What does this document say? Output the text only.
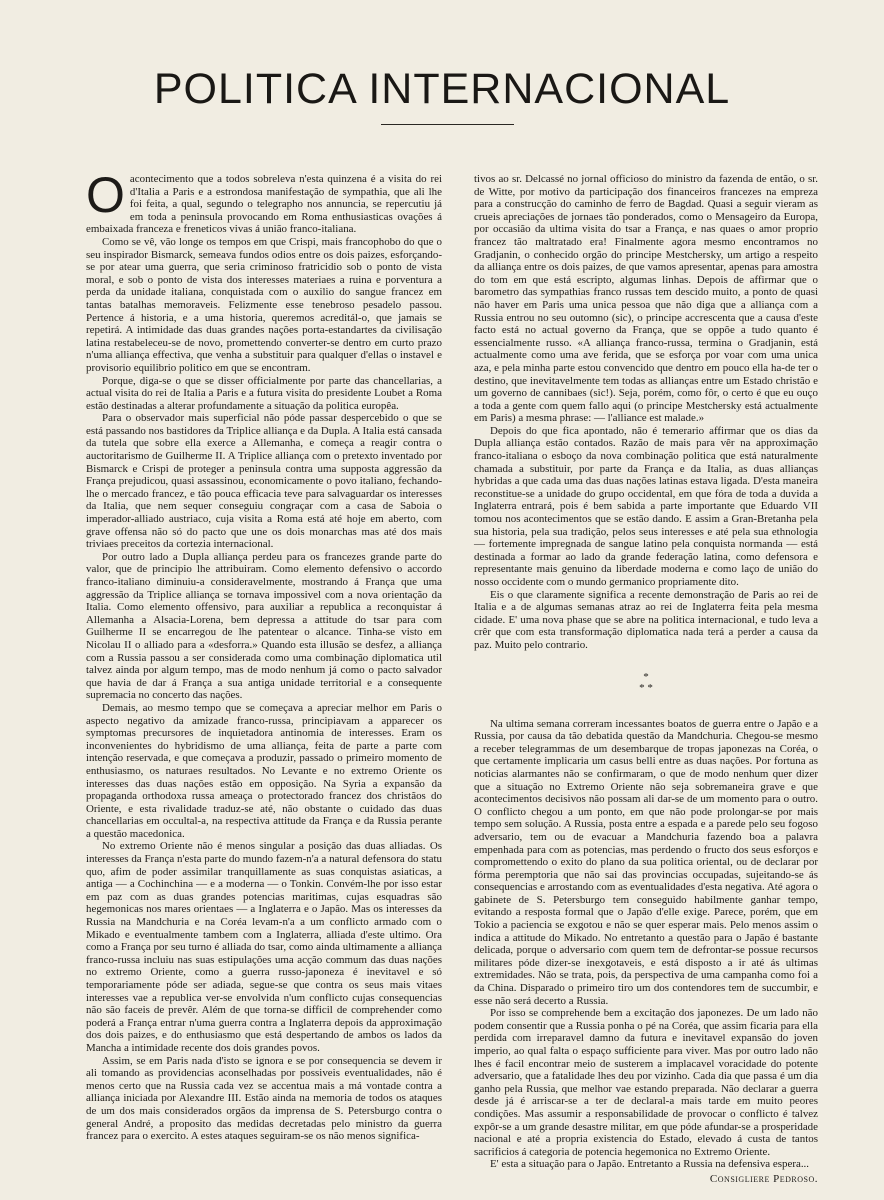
POLITICA INTERNACIONAL

Oacontecimento que a todos sobreleva n'esta quinzena é a visita do rei d'Italia a Paris e a estrondosa manifestação de sympathia, que ali lhe foi feita, a qual, segundo o telegrapho nos annuncia, se repercutiu já em toda a peninsula provocando em Roma enthusiasticas ovações á embaixada franceza e freneticos vivas á união franco-italiana.

Como se vê, vão longe os tempos em que Crispi, mais francophobo do que o seu inspirador Bismarck, semeava fundos odios entre os dois paizes, esforçando-se por atear uma guerra, que seria criminoso fratricidio sob o ponto de vista moral, e sob o ponto de vista dos interesses materiaes a ruina e porventura a perda da unidade italiana, conquistada com o auxilio do sangue francez em tantas batalhas memoraveis. Felizmente esse tenebroso pesadelo passou. Pertence á historia, e a uma historia, queremos acreditál-o, que jamais se repetirá. A intimidade das duas grandes nações porta-estandartes da civilisação latina restabeleceu-se de novo, promettendo converter-se dentro em curto prazo n'uma alliança effectiva, que venha a substituir para qualquer d'ellas o instavel e provisorio equilibrio politico em que se encontram.

Porque, diga-se o que se disser officialmente por parte das chancellarias, a actual visita do rei de Italia a Paris e a futura visita do presidente Loubet a Roma estão destinadas a alterar profundamente a situação da politica europêa.

Para o observador mais superficial não póde passar despercebido o que se está passando nos bastidores da Triplice alliança e da Dupla. A Italia está cansada da tutela que sobre ella exerce a Allemanha, e começa a reagir contra o auctoritarismo de Guilherme II. A Triplice alliança com o pretexto inventado por Bismarck e Crispi de proteger a peninsula contra uma supposta aggressão da França prejudicou, quasi assassinou, economicamente o povo italiano, fechando-lhe o mercado francez, e tão pouca efficacia teve para salvaguardar os interesses da Italia, que nem sequer conseguiu congraçar com a casa de Saboia o imperador-alliado austriaco, cuja visita a Roma está até hoje em aberto, com grave offensa não só do pacto que une os dois monarchas mas até dos mais triviaes preceitos da cortezia internacional.

Por outro lado a Dupla alliança perdeu para os francezes grande parte do valor, que de principio lhe attribuiram. Como elemento defensivo o accordo franco-italiano diminuiu-a consideravelmente, mostrando á França que uma aggressão da Triplice alliança se tornava impossivel com a nova orientação da Italia. Como elemento offensivo, para auxiliar a republica a reconquistar á Allemanha a Alsacia-Lorena, bem depressa a attitude do tsar para com Guilherme II se encarregou de lhe patentear o alcance. Tinha-se visto em Nicolau II o alliado para a «desforra.» Quando esta illusão se desfez, a alliança com a Russia passou a ser considerada como uma combinação diplomatica util talvez ainda por algum tempo, mas de modo nenhum já como o pacto salvador que havia de dar á França a sua antiga unidade territorial e a consequente supremacia no concerto das nações.

Demais, ao mesmo tempo que se começava a apreciar melhor em Paris o aspecto negativo da amizade franco-russa, principiavam a apparecer os symptomas precursores de inquietadora antinomia de interesses. Eram os inconvenientes do hybridismo de uma alliança, feita de parte a parte com intenção reservada, e que começava a produzir, passado o primeiro momento de enthusiasmo, os naturaes resultados. No Levante e no extremo Oriente os interesses das duas nações estão em opposição. Na Syria a expansão da propaganda orthodoxa russa ameaça o protectorado francez dos christãos do Oriente, e esta rivalidade traduz-se até, não obstante o cuidado das duas chancellarias em occultal-a, na respectiva attitude da França e da Russia perante a questão macedonica.

No extremo Oriente não é menos singular a posição das duas alliadas. Os interesses da França n'esta parte do mundo fazem-n'a a natural defensora do statu quo, afim de poder assimilar tranquillamente as suas conquistas asiaticas, a antiga — a Cochinchina — e a moderna — o Tonkin. Convém-lhe por isso estar em paz com as duas grandes potencias maritimas, cujas esquadras são hegemonicas nos mares orientaes — a Inglaterra e o Japão. Mas os interesses da Russia na Mandchuria e na Coréa levam-n'a a um conflicto armado com o Mikado e eventualmente tambem com a Inglaterra, alliada d'este ultimo. Ora como a França por seu turno é alliada do tsar, como ainda ultimamente a alliança franco-russa incluiu nas suas estipulações uma acção commum das duas nações no extremo Oriente, como a guerra russo-japoneza é inevitavel e só temporariamente póde ser adiada, segue-se que contra os seus mais vitaes interesses vae a republica ver-se envolvida n'um conflicto cujas consequencias não são faceis de prevêr. Além de que torna-se difficil de comprehender como poderá a França entrar n'uma guerra contra a Inglaterra depois da approximação dos dois paizes, e do enthusiasmo que está despertando de ambos os lados da Mancha a intimidade recente dos dois grandes povos.

Assim, se em Paris nada d'isto se ignora e se por consequencia se devem ir ali tomando as providencias aconselhadas por possiveis eventualidades, não é menos certo que na Russia cada vez se accentua mais a má vontade contra a alliança iniciada por Alexandre III. Estão ainda na memoria de todos os ataques de um dos mais considerados orgãos da imprensa de S. Petersburgo contra o general André, a proposito das medidas decretadas pelo ministro da guerra francez para o exercito. A estes ataques seguiram-se os não menos significa-

tivos ao sr. Delcassé no jornal officioso do ministro da fazenda de então, o sr. de Witte, por motivo da participação dos financeiros francezes na empreza para a construcção do caminho de ferro de Bagdad. Quasi a seguir vieram as crueis apreciações de jornaes tão ponderados, como o Mensageiro da Europa, por occasião da ultima visita do tsar a França, e nas quaes o amor proprio francez tão maltratado era! Finalmente agora mesmo encontramos no Gradjanin, o conhecido orgão do principe Mestchersky, um artigo a respeito da alliança entre os dois paizes, de que vamos apresentar, apenas para amostra do tom em que está escripto, algumas linhas. Depois de affirmar que o barometro das sympathias franco russas tem descido muito, a ponto de quasi não haver em Paris uma unica pessoa que não diga que a alliança com a Russia entrou no seu outomno (sic), o principe accrescenta que a causa d'este facto está no actual governo da França, que se oppõe a tudo quanto é essencialmente russo. «A alliança franco-russa, termina o Gradjanin, está actualmente como uma ave ferida, que se esforça por voar com uma unica aza, e pela minha parte estou convencido que dentro em pouco ella ha-de ter o destino, que inevitavelmente tem todas as allianças entre um Estado christão e um governo de cannibaes (sic!). Seja, porém, como fôr, o certo é que eu ouço a toda a gente com quem fallo aqui (o principe Mestchersky está actualmente em Paris) a mesma phrase: — l'alliance est malade.»

Depois do que fica apontado, não é temerario affirmar que os dias da Dupla alliança estão contados. Razão de mais para vêr na approximação franco-italiana o esboço da nova combinação politica que está naturalmente chamada a substituir, por parte da França e da Italia, as duas allianças hybridas a que cada uma das duas nações latinas estava ligada. D'esta maneira reconstitue-se a unidade do grupo occidental, em que fóra de toda a duvida a Inglaterra entrará, pois é bem sabida a parte importante que Eduardo VII tomou nos acontecimentos que se estão dando. E assim a Gran-Bretanha pela sua historia, pela sua tradição, pelos seus interesses e até pela sua ethnologia — fortemente impregnada de sangue latino pela conquista normanda — está destinada a formar ao lado da grande federação latina, como defensora e representante mais genuino da liberdade moderna e como laço de união do nosso occidente com o mundo germanico propriamente dito.

Eis o que claramente significa a recente demonstração de Paris ao rei de Italia e a de algumas semanas atraz ao rei de Inglaterra feita pela mesma cidade. E' uma nova phase que se abre na politica internacional, e tudo leva a crêr que com esta transformação diplomatica nada terá a perder a causa da paz. Muito pelo contrario.

*
* *

Na ultima semana correram incessantes boatos de guerra entre o Japão e a Russia, por causa da tão debatida questão da Mandchuria. Chegou-se mesmo a receber telegrammas de um desembarque de tropas japonezas na Coréa, o que certamente implicaria um casus belli entre as duas nações. Por fortuna as noticias alarmantes não se confirmaram, o que de modo nenhum quer dizer que a situação no Extremo Oriente não seja sobremaneira grave e que acontecimentos decisivos não possam ali dar-se de um momento para o outro. O conflicto chegou a um ponto, em que não pode prolongar-se por mais tempo sem solução. A Russia, posta entre a espada e a parede pelo seu fogoso adversario, tem ou de evacuar a Mandchuria fazendo boa a palavra empenhada para com as potencias, mas perdendo o fructo dos seus esforços e compromettendo o exito do plano da sua politica oriental, ou de declarar por fórma peremptoria que não sai das provincias occupadas, sujeitando-se ás consequencias e arrostando com as eventualidades d'esta negativa. Até agora o gabinete de S. Petersburgo tem conseguido habilmente ganhar tempo, evitando a resposta formal que o Japão d'elle exige. Parece, porém, que em Tokio a paciencia se exgotou e não se quer esperar mais. Pelo menos assim o indica a attitude do Mikado. No entretanto a questão para o Japão é bastante delicada, porque o adversario com quem tem de defrontar-se possue recursos militares póde dizer-se inexgotaveis, e está disposto a ir até ás ultimas extremidades. Não se trata, pois, da perspectiva de uma campanha como foi a da China. Disparado o primeiro tiro um dos contendores tem de succumbir, e esse não será decerto a Russia.

Por isso se comprehende bem a excitação dos japonezes. De um lado não podem consentir que a Russia ponha o pé na Coréa, que assim ficaria para ella perdida com irreparavel damno da futura e inevitavel expansão do joven imperio, ao qual falta o espaço sufficiente para viver. Mas por outro lado não lhes é facil encontrar meio de susterem a implacavel voracidade do potente adversario, que a fatalidade lhes deu por vizinho. Cada dia que passa é um dia ganho pela Russia, que melhor vae estando preparada. Não declarar a guerra desde já é arriscar-se a ter de declaral-a mais tarde em muito peores condições. Mas assumir a responsabilidade de provocar o conflicto é talvez expôr-se a um grande desastre militar, em que póde afundar-se a prosperidade nacional e até a propria existencia do Estado, elevado á custa de tantos sacrificios á categoria de potencia hegemonica no Extremo Oriente.

E' esta a situação para o Japão. Entretanto a Russia na defensiva espera...

Consigliere Pedroso.
